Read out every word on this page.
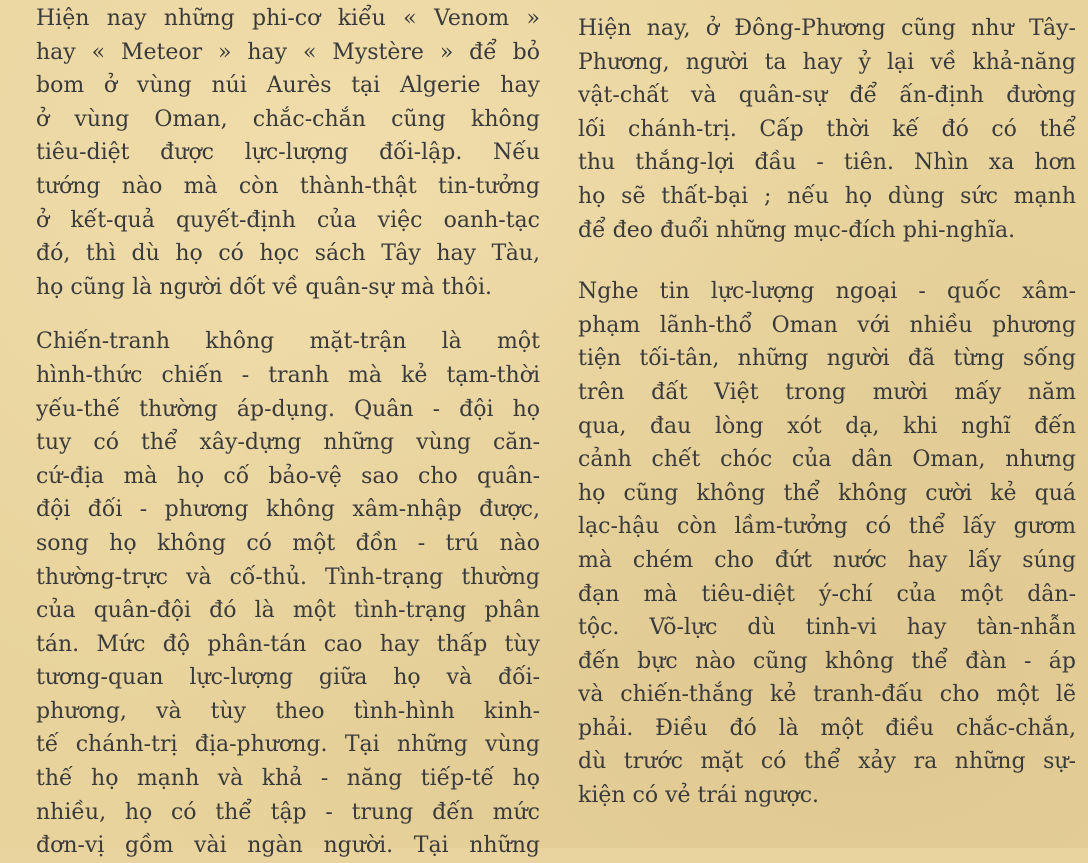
Hiện nay những phi-cơ kiểu « Venom »
hay « Meteor » hay « Mystère » để bỏ
bom ở vùng núi Aurès tại Algerie hay
ở vùng Oman, chắc-chắn cũng không
tiêu-diệt được lực-lượng đối-lập. Nếu
tướng nào mà còn thành-thật tin-tưởng
ở kết-quả quyết-định của việc oanh-tạc
đó, thì dù họ có học sách Tây hay Tàu,
họ cũng là người dốt về quân-sự mà thôi.
Chiến-tranh không mặt-trận là một
hình-thức chiến - tranh mà kẻ tạm-thời
yếu-thế thường áp-dụng. Quân - đội họ
tuy có thể xây-dựng những vùng căn-
cứ-địa mà họ cố bảo-vệ sao cho quân-
đội đối - phương không xâm-nhập được,
song họ không có một đồn - trú nào
thường-trực và cố-thủ. Tình-trạng thường
của quân-đội đó là một tình-trạng phân
tán. Mức độ phân-tán cao hay thấp tùy
tương-quan lực-lượng giữa họ và đối-
phương, và tùy theo tình-hình kinh-
tế chánh-trị địa-phương. Tại những vùng
thế họ mạnh và khả - năng tiếp-tế họ
nhiều, họ có thể tập - trung đến mức
đơn-vị gồm vài ngàn người. Tại những
Hiện nay, ở Đông-Phương cũng như Tây-
Phương, người ta hay ỷ lại về khả-năng
vật-chất và quân-sự để ấn-định đường
lối chánh-trị. Cấp thời kế đó có thể
thu thắng-lợi đầu - tiên. Nhìn xa hơn
họ sẽ thất-bại ; nếu họ dùng sức mạnh
để đeo đuổi những mục-đích phi-nghĩa.
Nghe tin lực-lượng ngoại - quốc xâm-
phạm lãnh-thổ Oman với nhiều phương
tiện tối-tân, những người đã từng sống
trên đất Việt trong mười mấy năm
qua, đau lòng xót dạ, khi nghĩ đến
cảnh chết chóc của dân Oman, nhưng
họ cũng không thể không cười kẻ quá
lạc-hậu còn lầm-tưởng có thể lấy gươm
mà chém cho đứt nước hay lấy súng
đạn mà tiêu-diệt ý-chí của một dân-
tộc. Võ-lực dù tinh-vi hay tàn-nhẫn
đến bực nào cũng không thể đàn - áp
và chiến-thắng kẻ tranh-đấu cho một lẽ
phải. Điều đó là một điều chắc-chắn,
dù trước mặt có thể xảy ra những sự-
kiện có vẻ trái ngược.
